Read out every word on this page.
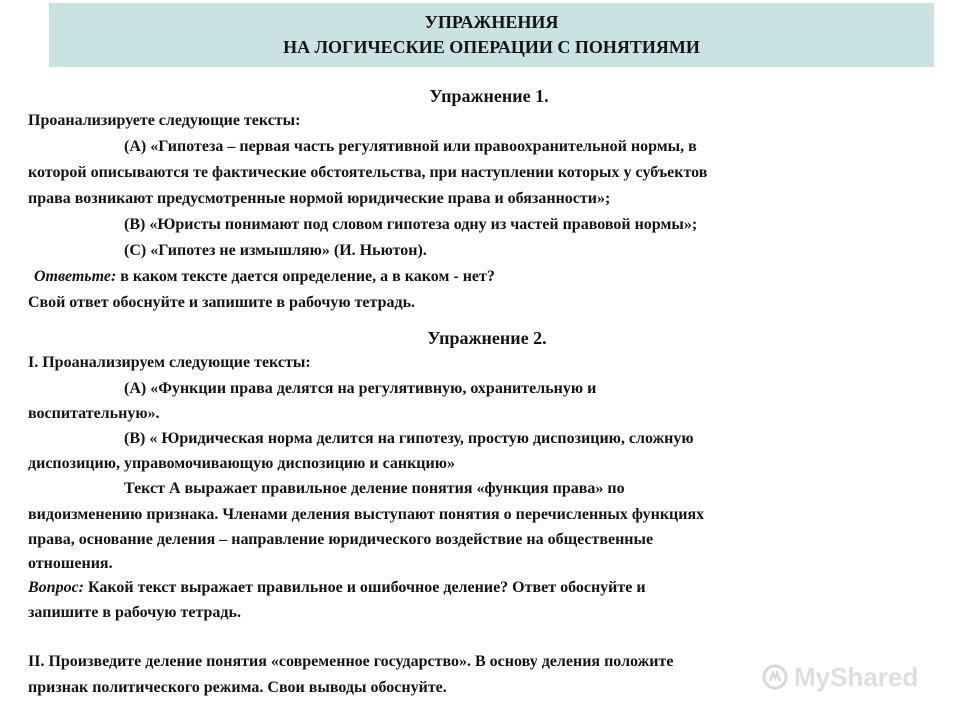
УПРАЖНЕНИЯ
НА ЛОГИЧЕСКИЕ ОПЕРАЦИИ С ПОНЯТИЯМИ
Упражнение 1.
Проанализируете следующие тексты:
(А) «Гипотеза – первая часть регулятивной или правоохранительной нормы, в
которой описываются те фактические обстоятельства, при наступлении которых у субъектов
права возникают предусмотренные нормой юридические права и обязанности»;
(В) «Юристы понимают под словом гипотеза одну из частей правовой нормы»;
(С) «Гипотез не измышляю» (И. Ньютон).
Ответьте: в каком тексте дается определение, а в каком - нет?
Свой ответ обоснуйте и запишите в рабочую тетрадь.
Упражнение 2.
I. Проанализируем следующие тексты:
(А) «Функции права делятся на регулятивную, охранительную и
воспитательную».
(В) « Юридическая норма делится на гипотезу, простую диспозицию, сложную
диспозицию, управомочивающую диспозицию и санкцию»
Текст А выражает правильное деление понятия «функция права» по
видоизменению признака. Членами деления выступают понятия о перечисленных функциях
права, основание деления – направление юридического воздействие на общественные
отношения.
Вопрос: Какой текст выражает правильное и ошибочное деление? Ответ обоснуйте и
запишите в рабочую тетрадь.
II. Произведите деление понятия «современное государство». В основу деления положите
признак политического режима. Свои выводы обоснуйте.	MyShared
